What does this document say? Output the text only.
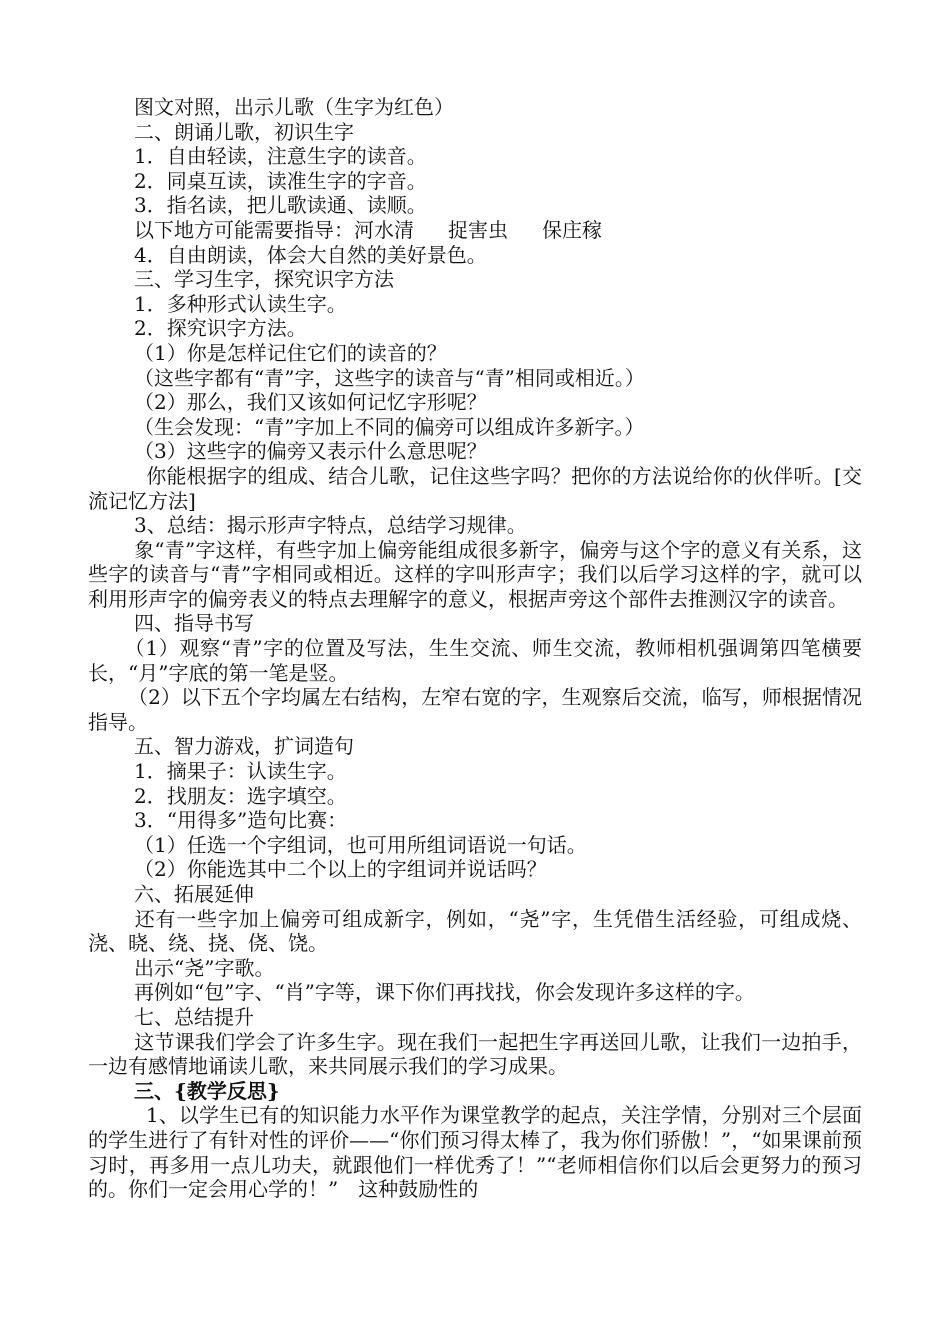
图文对照，出示儿歌（生字为红色）

二、朗诵儿歌，初识生字

1．自由轻读，注意生字的读音。

2．同桌互读，读准生字的字音。

3．指名读，把儿歌读通、读顺。

以下地方可能需要指导：河水清 捉害虫 保庄稼

4．自由朗读，体会大自然的美好景色。

三、学习生字，探究识字方法

1．多种形式认读生字。

2．探究识字方法。

（1）你是怎样记住它们的读音的？

（这些字都有“青”字，这些字的读音与“青”相同或相近。）

（2）那么，我们又该如何记忆字形呢？

（生会发现：“青”字加上不同的偏旁可以组成许多新字。）

（3）这些字的偏旁又表示什么意思呢？

你能根据字的组成、结合儿歌，记住这些字吗？把你的方法说给你的伙伴听。[交流记忆方法]

3、总结：揭示形声字特点，总结学习规律。

象“青”字这样，有些字加上偏旁能组成很多新字，偏旁与这个字的意义有关系，这些字的读音与“青”字相同或相近。这样的字叫形声字；我们以后学习这样的字，就可以利用形声字的偏旁表义的特点去理解字的意义，根据声旁这个部件去推测汉字的读音。

四、指导书写

（1）观察“青”字的位置及写法，生生交流、师生交流，教师相机强调第四笔横要长，“月”字底的第一笔是竖。

（2）以下五个字均属左右结构，左窄右宽的字，生观察后交流，临写，师根据情况指导。

五、智力游戏，扩词造句

1．摘果子：认读生字。

2．找朋友：选字填空。

3．“用得多”造句比赛：

（1）任选一个字组词，也可用所组词语说一句话。

（2）你能选其中二个以上的字组词并说话吗？

六、拓展延伸

还有一些字加上偏旁可组成新字，例如，“尧”字，生凭借生活经验，可组成烧、浇、晓、绕、挠、侥、饶。

出示“尧”字歌。

再例如“包”字、“肖”字等，课下你们再找找，你会发现许多这样的字。

七、总结提升

这节课我们学会了许多生字。现在我们一起把生字再送回儿歌，让我们一边拍手，一边有感情地诵读儿歌，来共同展示我们的学习成果。

三、{教学反思}

1、以学生已有的知识能力水平作为课堂教学的起点，关注学情，分别对三个层面的学生进行了有针对性的评价——“你们预习得太棒了，我为你们骄傲！”，“如果课前预习时，再多用一点儿功夫，就跟他们一样优秀了！”“老师相信你们以后会更努力的预习的。你们一定会用心学的！”　这种鼓励性的
